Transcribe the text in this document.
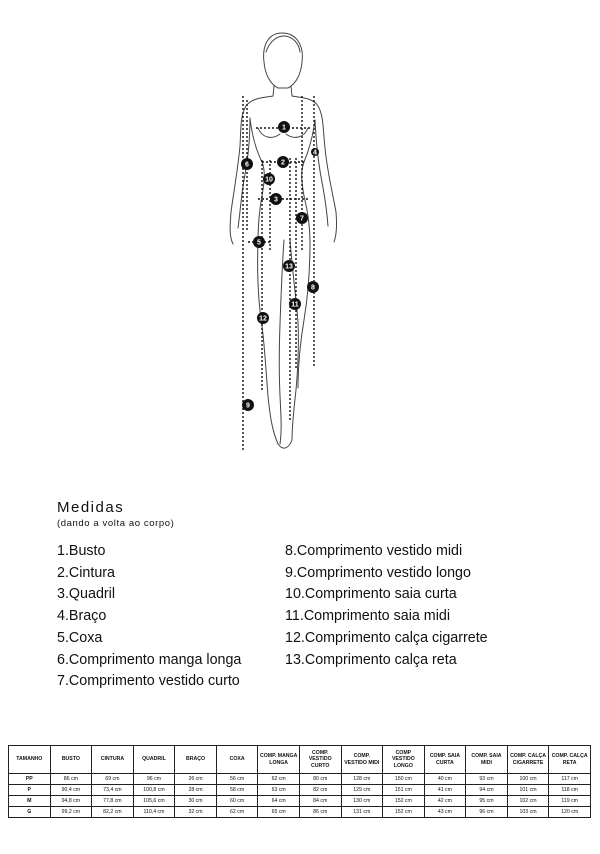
1
2
3
4
5
6
7
8
9
10
11
12
13
Medidas
(dando a volta ao corpo)
1.Busto
2.Cintura
3.Quadril
4.Braço
5.Coxa
6.Comprimento manga longa
7.Comprimento vestido curto
8.Comprimento vestido midi
9.Comprimento vestido longo
10.Comprimento saia curta
11.Comprimento saia midi
12.Comprimento calça cigarrete
13.Comprimento calça reta
TAMANHO	BUSTO	CINTURA	QUADRIL	BRAÇO	COXA	COMP. MANGA LONGA	COMP. VESTIDO CURTO	COMP. VESTIDO MIDI	COMP VESTIDO LONGO	COMP. SAIA CURTA	COMP. SAIA MIDI	COMP. CALÇA CIGARRETE	COMP. CALÇA RETA
PP	86 cm	69 cm	96 cm	26 cm	56 cm	62 cm	80 cm	128 cm	150 cm	40 cm	93 cm	100 cm	117 cm
P	90,4 cm	73,4 cm	100,8 cm	28 cm	58 cm	63 cm	82 cm	129 cm	151 cm	41 cm	94 cm	101 cm	118 cm
M	94,8 cm	77,8 cm	105,6 cm	30 cm	60 cm	64 cm	84 cm	130 cm	152 cm	42 cm	95 cm	102 cm	119 cm
G	99,2 cm	82,2 cm	110,4 cm	32 cm	62 cm	65 cm	86 cm	131 cm	152 cm	43 cm	96 cm	103 cm	120 cm
